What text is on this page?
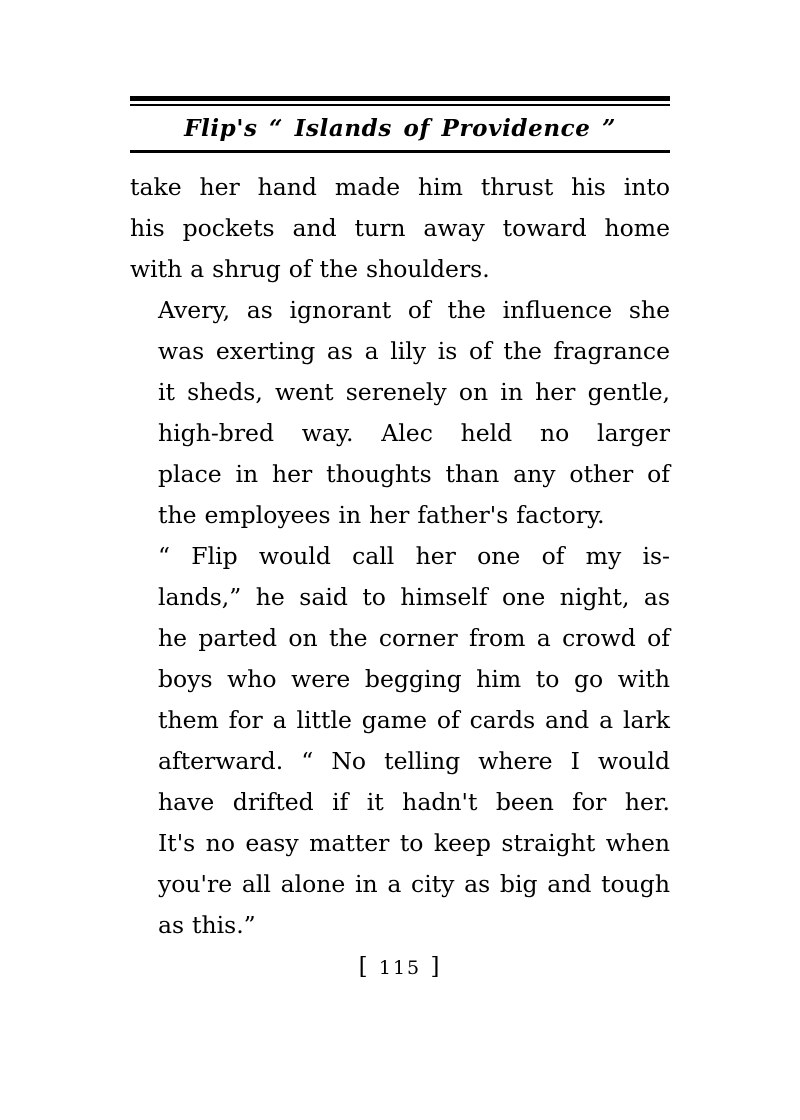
Flip's “ Islands of Providence ”

take her hand made him thrust his into
his pockets and turn away toward home
with a shrug of the shoulders.

Avery, as ignorant of the influence she
was exerting as a lily is of the fragrance
it sheds, went serenely on in her gentle,
high-bred way. Alec held no larger
place in her thoughts than any other of
the employees in her father's factory.

“ Flip would call her one of my is-
lands,” he said to himself one night, as
he parted on the corner from a crowd of
boys who were begging him to go with
them for a little game of cards and a lark
afterward. “ No telling where I would
have drifted if it hadn't been for her.
It's no easy matter to keep straight when
you're all alone in a city as big and tough
as this.”

[ 115 ]
